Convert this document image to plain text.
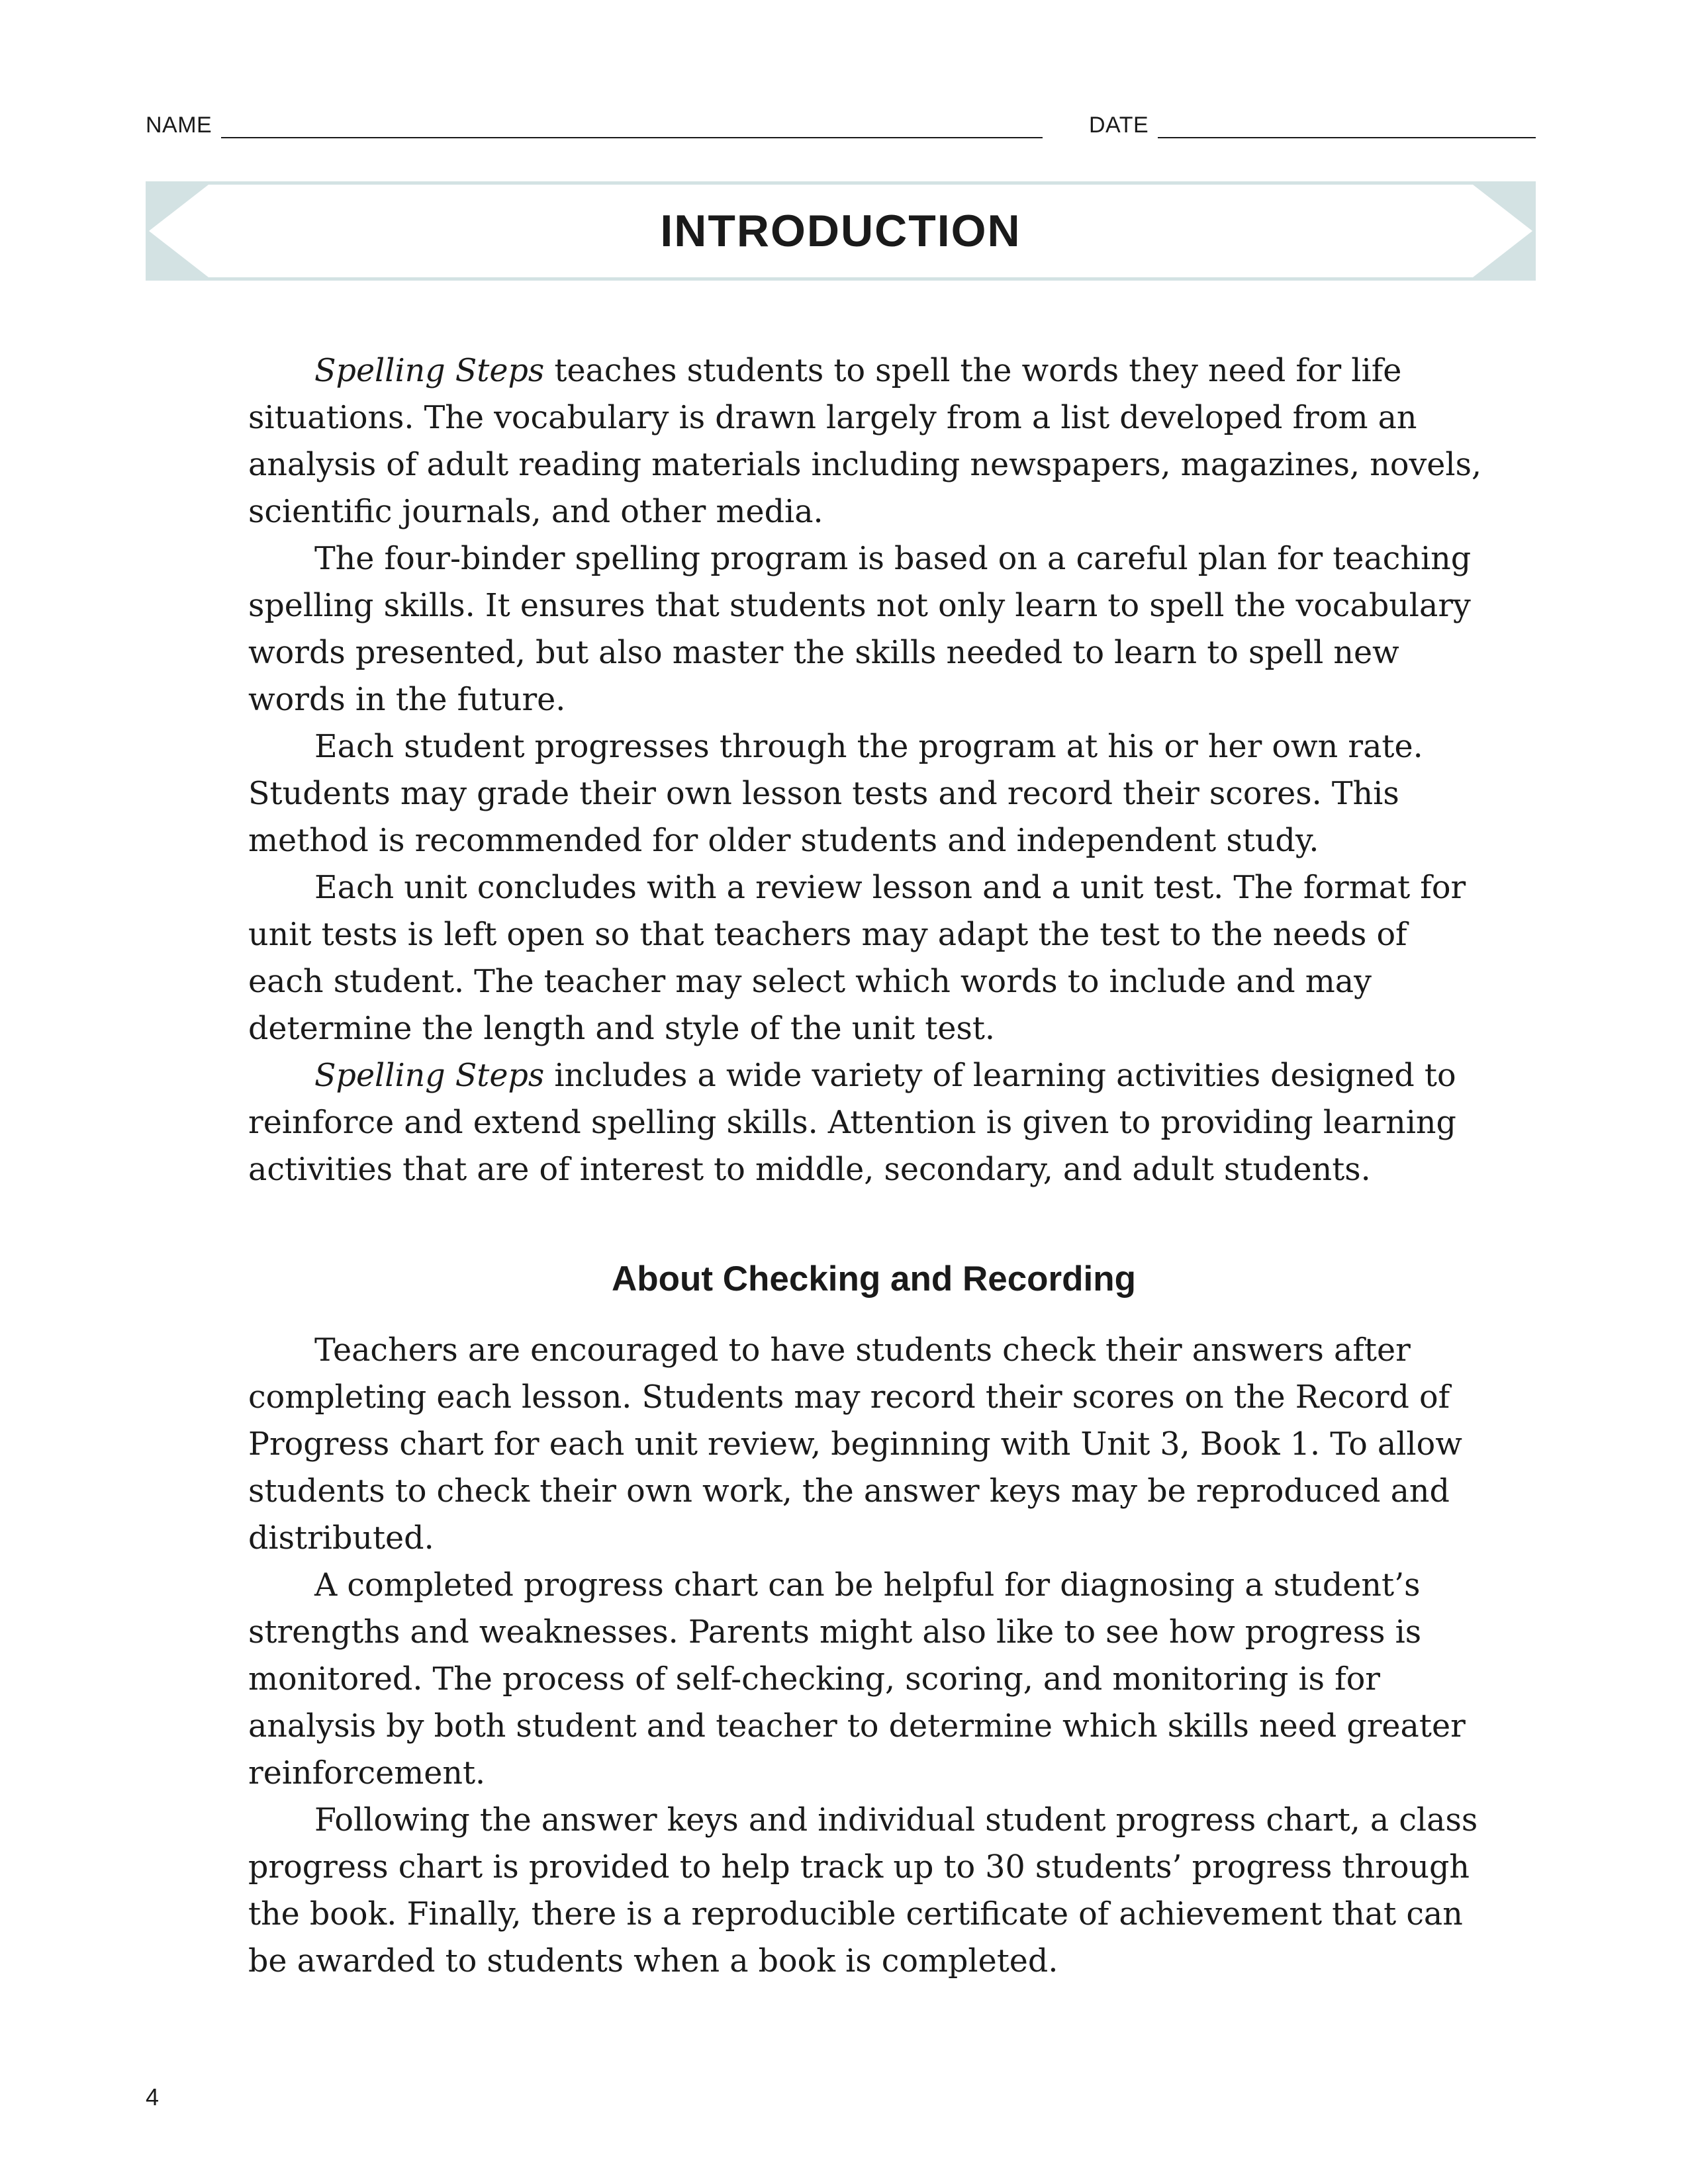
NAME	DATE
INTRODUCTION

Spelling Steps teaches students to spell the words they need for life situations. The vocabulary is drawn largely from a list developed from an analysis of adult reading materials including newspapers, magazines, novels, scientific journals, and other media.

The four-binder spelling program is based on a careful plan for teaching spelling skills. It ensures that students not only learn to spell the vocabulary words presented, but also master the skills needed to learn to spell new words in the future.

Each student progresses through the program at his or her own rate. Students may grade their own lesson tests and record their scores. This method is recommended for older students and independent study.

Each unit concludes with a review lesson and a unit test. The format for unit tests is left open so that teachers may adapt the test to the needs of each student. The teacher may select which words to include and may determine the length and style of the unit test.

Spelling Steps includes a wide variety of learning activities designed to reinforce and extend spelling skills. Attention is given to providing learning activities that are of interest to middle, secondary, and adult students.

About Checking and Recording

Teachers are encouraged to have students check their answers after completing each lesson. Students may record their scores on the Record of Progress chart for each unit review, beginning with Unit 3, Book 1. To allow students to check their own work, the answer keys may be reproduced and distributed.

A completed progress chart can be helpful for diagnosing a student’s strengths and weaknesses. Parents might also like to see how progress is monitored. The process of self-checking, scoring, and monitoring is for analysis by both student and teacher to determine which skills need greater reinforcement.

Following the answer keys and individual student progress chart, a class progress chart is provided to help track up to 30 students’ progress through the book. Finally, there is a reproducible certificate of achievement that can be awarded to students when a book is completed.

4
